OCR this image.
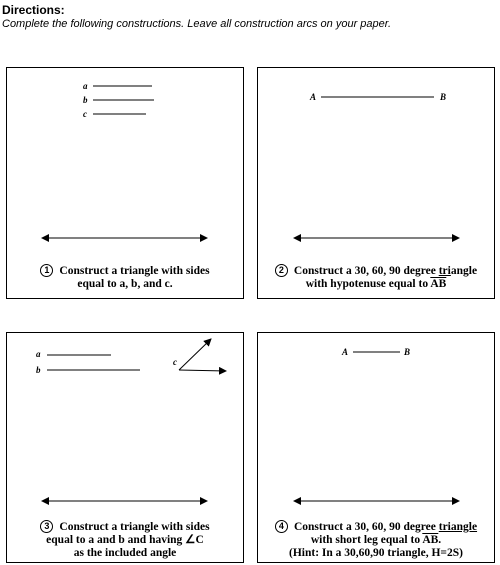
Directions:
Complete the following constructions. Leave all construction arcs on your paper.
a
b
c
1 Construct a triangle with sides
equal to a, b, and c.
A	B
2 Construct a 30, 60, 90 degree triangle
with hypotenuse equal to $\overline{AB}$
a
b
c
3 Construct a triangle with sides
equal to a and b and having ∠C
as the included angle
A	B
4 Construct a 30, 60, 90 degree triangle
with short leg equal to $\overline{AB}$.
(Hint: In a 30,60,90 triangle, H=2S)
